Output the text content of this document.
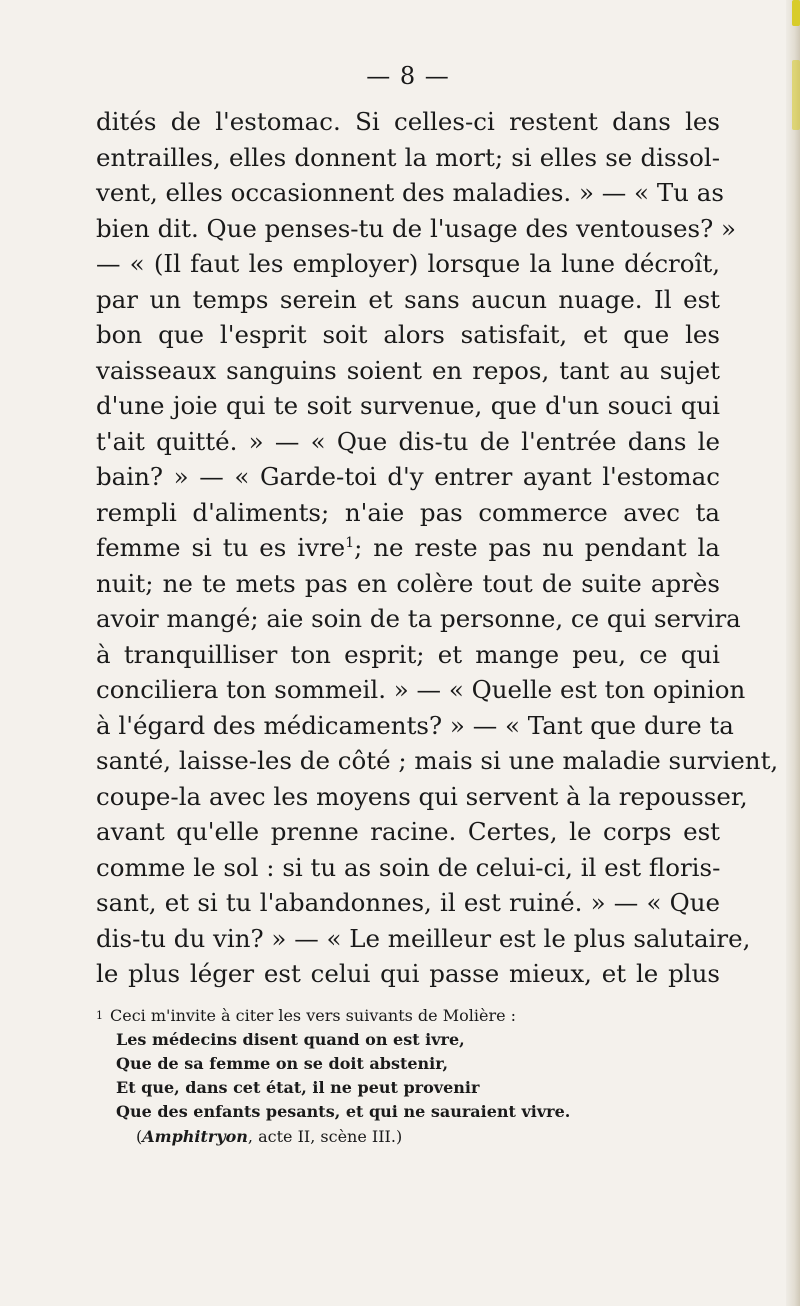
— 8 —
dités de l'estomac. Si celles-ci restent dans les
entrailles, elles donnent la mort; si elles se dissol-
vent, elles occasionnent des maladies. » — « Tu as
bien dit. Que penses-tu de l'usage des ventouses? »
— « (Il faut les employer) lorsque la lune décroît,
par un temps serein et sans aucun nuage. Il est
bon que l'esprit soit alors satisfait, et que les
vaisseaux sanguins soient en repos, tant au sujet
d'une joie qui te soit survenue, que d'un souci qui
t'ait quitté. » — « Que dis-tu de l'entrée dans le
bain? » — « Garde-toi d'y entrer ayant l'estomac
rempli d'aliments; n'aie pas commerce avec ta
femme si tu es ivre$^1$; ne reste pas nu pendant la
nuit; ne te mets pas en colère tout de suite après
avoir mangé; aie soin de ta personne, ce qui servira
à tranquilliser ton esprit; et mange peu, ce qui
conciliera ton sommeil. » — « Quelle est ton opinion
à l'égard des médicaments? » — « Tant que dure ta
santé, laisse-les de côté ; mais si une maladie survient,
coupe-la avec les moyens qui servent à la repousser,
avant qu'elle prenne racine. Certes, le corps est
comme le sol : si tu as soin de celui-ci, il est floris-
sant, et si tu l'abandonnes, il est ruiné. » — « Que
dis-tu du vin? » — « Le meilleur est le plus salutaire,
le plus léger est celui qui passe mieux, et le plus
1 Ceci m'invite à citer les vers suivants de Molière :
Les médecins disent quand on est ivre,
Que de sa femme on se doit abstenir,
Et que, dans cet état, il ne peut provenir
Que des enfants pesants, et qui ne sauraient vivre.
(Amphitryon, acte II, scène III.)
